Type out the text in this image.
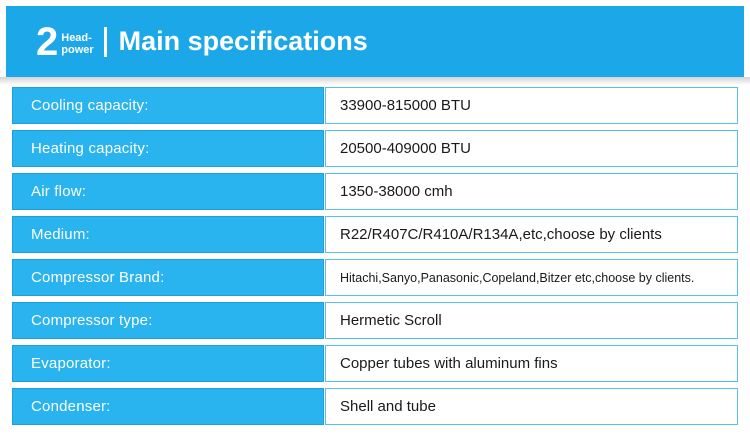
2 Head-
power Main specifications
Cooling capacity:	33900-815000 BTU
Heating capacity:	20500-409000 BTU
Air flow:	1350-38000 cmh
Medium:	R22/R407C/R410A/R134A,etc,choose by clients
Compressor Brand:	Hitachi,Sanyo,Panasonic,Copeland,Bitzer etc,choose by clients.
Compressor type:	Hermetic Scroll
Evaporator:	Copper tubes with aluminum fins
Condenser:	Shell and tube
